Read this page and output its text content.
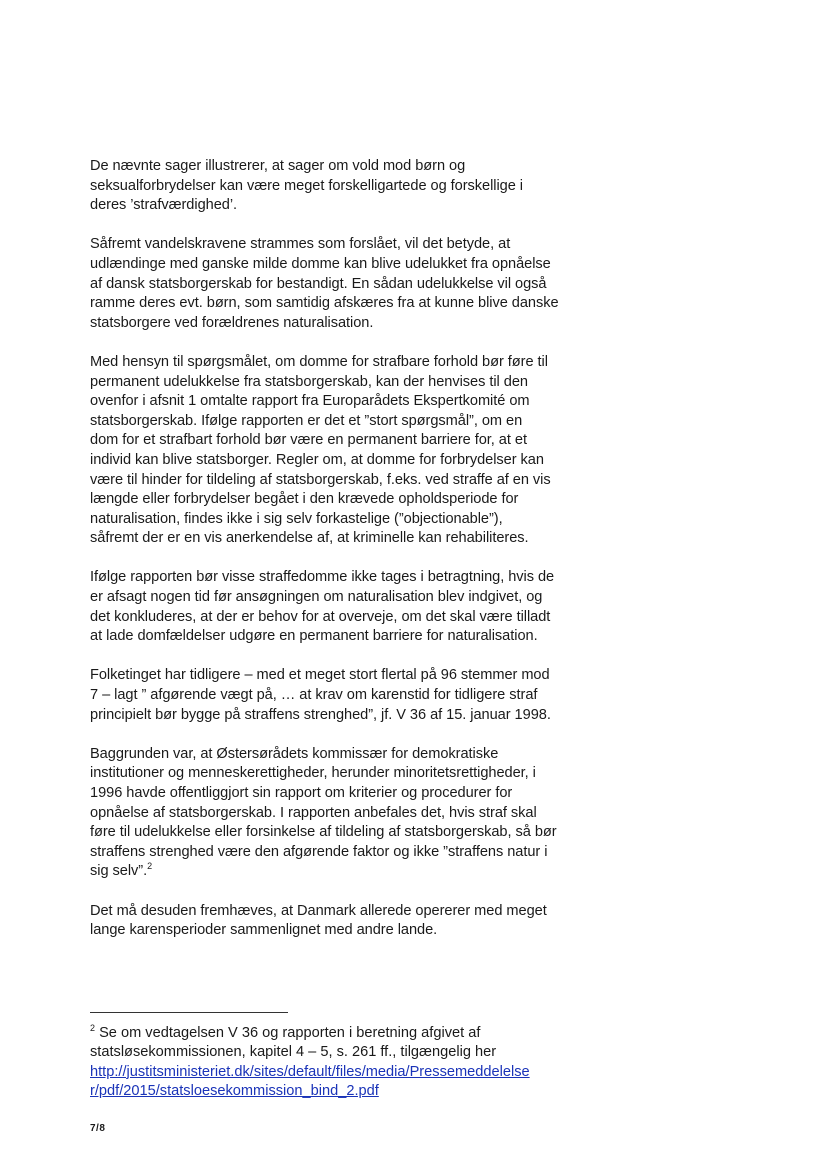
De nævnte sager illustrerer, at sager om vold mod børn og
seksualforbrydelser kan være meget forskelligartede og forskellige i
deres ’strafværdighed’.

Såfremt vandelskravene strammes som forslået, vil det betyde, at
udlændinge med ganske milde domme kan blive udelukket fra opnåelse
af dansk statsborgerskab for bestandigt. En sådan udelukkelse vil også
ramme deres evt. børn, som samtidig afskæres fra at kunne blive danske
statsborgere ved forældrenes naturalisation.

Med hensyn til spørgsmålet, om domme for strafbare forhold bør føre til
permanent udelukkelse fra statsborgerskab, kan der henvises til den
ovenfor i afsnit 1 omtalte rapport fra Europarådets Ekspertkomité om
statsborgerskab. Ifølge rapporten er det et ”stort spørgsmål”, om en
dom for et strafbart forhold bør være en permanent barriere for, at et
individ kan blive statsborger. Regler om, at domme for forbrydelser kan
være til hinder for tildeling af statsborgerskab, f.eks. ved straffe af en vis
længde eller forbrydelser begået i den krævede opholdsperiode for
naturalisation, findes ikke i sig selv forkastelige (”objectionable”),
såfremt der er en vis anerkendelse af, at kriminelle kan rehabiliteres.

Ifølge rapporten bør visse straffedomme ikke tages i betragtning, hvis de
er afsagt nogen tid før ansøgningen om naturalisation blev indgivet, og
det konkluderes, at der er behov for at overveje, om det skal være tilladt
at lade domfældelser udgøre en permanent barriere for naturalisation.

Folketinget har tidligere – med et meget stort flertal på 96 stemmer mod
7 – lagt ” afgørende vægt på, … at krav om karenstid for tidligere straf
principielt bør bygge på straffens strenghed”, jf. V 36 af 15. januar 1998.

Baggrunden var, at Østersørådets kommissær for demokratiske
institutioner og menneskerettigheder, herunder minoritetsrettigheder, i
1996 havde offentliggjort sin rapport om kriterier og procedurer for
opnåelse af statsborgerskab. I rapporten anbefales det, hvis straf skal
føre til udelukkelse eller forsinkelse af tildeling af statsborgerskab, så bør
straffens strenghed være den afgørende faktor og ikke ”straffens natur i
sig selv”.$^2$

Det må desuden fremhæves, at Danmark allerede opererer med meget
lange karensperioder sammenlignet med andre lande.

$^2$ Se om vedtagelsen V 36 og rapporten i beretning afgivet af
statsløsekommissionen, kapitel 4 – 5, s. 261 ff., tilgængelig her
http://justitsministeriet.dk/sites/default/files/media/Pressemeddelelse
r/pdf/2015/statsloesekommission_bind_2.pdf
7/8
